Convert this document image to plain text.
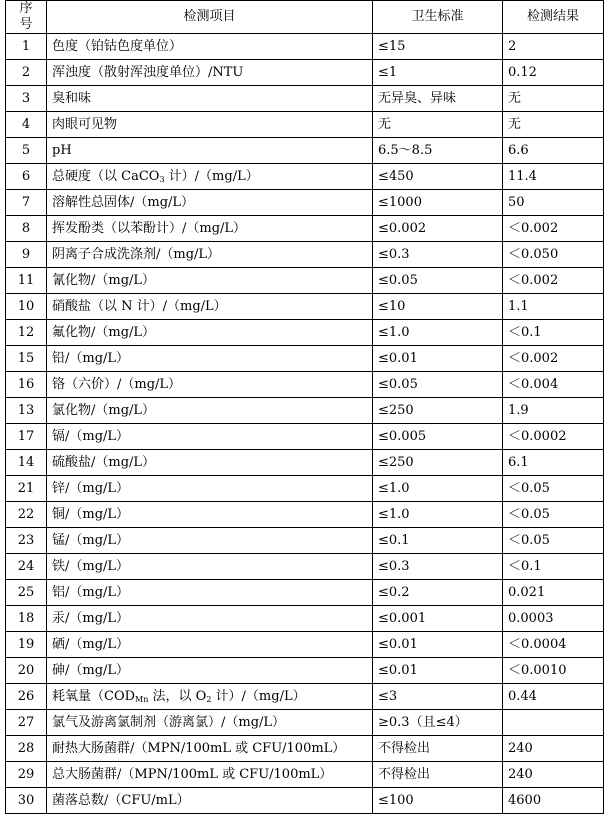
序
号	检测项目	卫生标准	检测结果
1	色度（铂钴色度单位）	≤15	2
2	浑浊度（散射浑浊度单位）/NTU	≤1	0.12
3	臭和味	无异臭、异味	无
4	肉眼可见物	无	无
5	pH	6.5～8.5	6.6
6	总硬度（以 CaCO$_3$ 计）/（mg/L）	≤450	11.4
7	溶解性总固体/（mg/L）	≤1000	50
8	挥发酚类（以苯酚计）/（mg/L）	≤0.002	＜0.002
9	阴离子合成洗涤剂/（mg/L）	≤0.3	＜0.050
11	氰化物/（mg/L）	≤0.05	＜0.002
10	硝酸盐（以 N 计）/（mg/L）	≤10	1.1
12	氟化物/（mg/L）	≤1.0	＜0.1
15	铅/（mg/L）	≤0.01	＜0.002
16	铬（六价）/（mg/L）	≤0.05	＜0.004
13	氯化物/（mg/L）	≤250	1.9
17	镉/（mg/L）	≤0.005	＜0.0002
14	硫酸盐/（mg/L）	≤250	6.1
21	锌/（mg/L）	≤1.0	＜0.05
22	铜/（mg/L）	≤1.0	＜0.05
23	锰/（mg/L）	≤0.1	＜0.05
24	铁/（mg/L）	≤0.3	＜0.1
25	铝/（mg/L）	≤0.2	0.021
18	汞/（mg/L）	≤0.001	0.0003
19	硒/（mg/L）	≤0.01	＜0.0004
20	砷/（mg/L）	≤0.01	＜0.0010
26	耗氧量（$COD_{Mn}$ 法，以 $O_2$ 计）/（mg/L）	≤3	0.44
27	氯气及游离氯制剂（游离氯）/（mg/L）	≥0.3（且≤4）	
28	耐热大肠菌群/（MPN/100mL 或 CFU/100mL）	不得检出	240
29	总大肠菌群/（MPN/100mL 或 CFU/100mL）	不得检出	240
30	菌落总数/（CFU/mL）	≤100	4600
